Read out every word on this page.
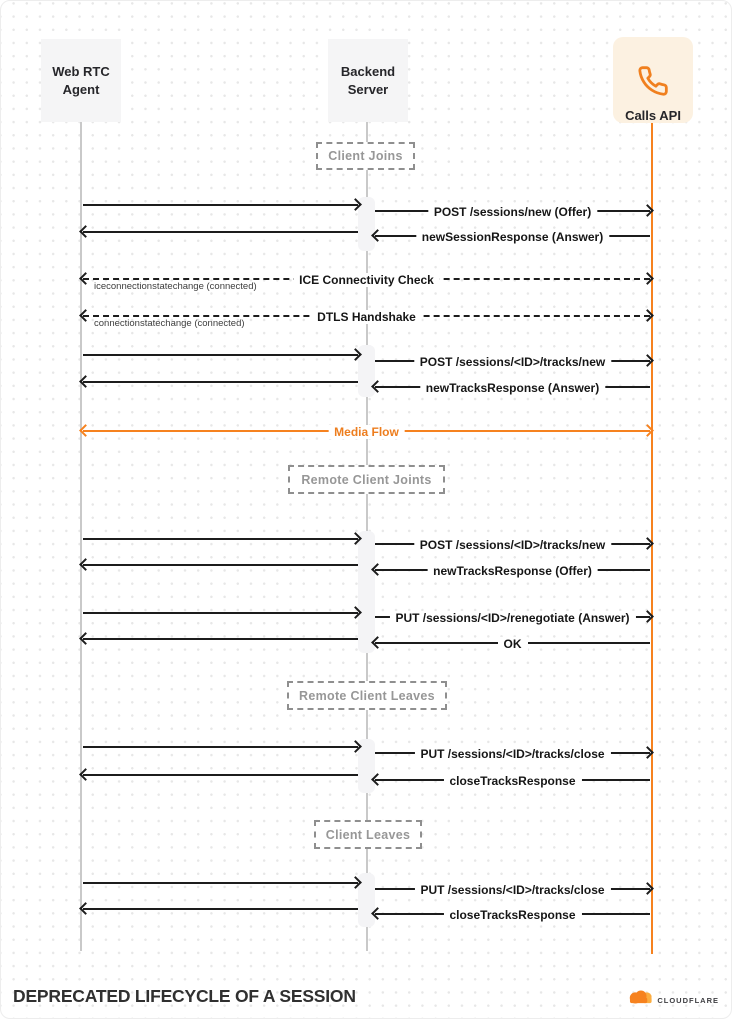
Web RTC Agent
Backend Server

Calls API
Client Joins
POST /sessions/new (Offer)
newSessionResponse (Answer)
ICE Connectivity Check
iceconnectionstatechange (connected)
DTLS Handshake
connectionstatechange (connected)
POST /sessions/<ID>/tracks/new
newTracksResponse (Answer)
Media Flow
Remote Client Joints
POST /sessions/<ID>/tracks/new
newTracksResponse (Offer)
PUT /sessions/<ID>/renegotiate (Answer)
OK
Remote Client Leaves
PUT /sessions/<ID>/tracks/close
closeTracksResponse
Client Leaves
PUT /sessions/<ID>/tracks/close
closeTracksResponse
DEPRECATED LIFECYCLE OF A SESSION	CLOUDFLARE
